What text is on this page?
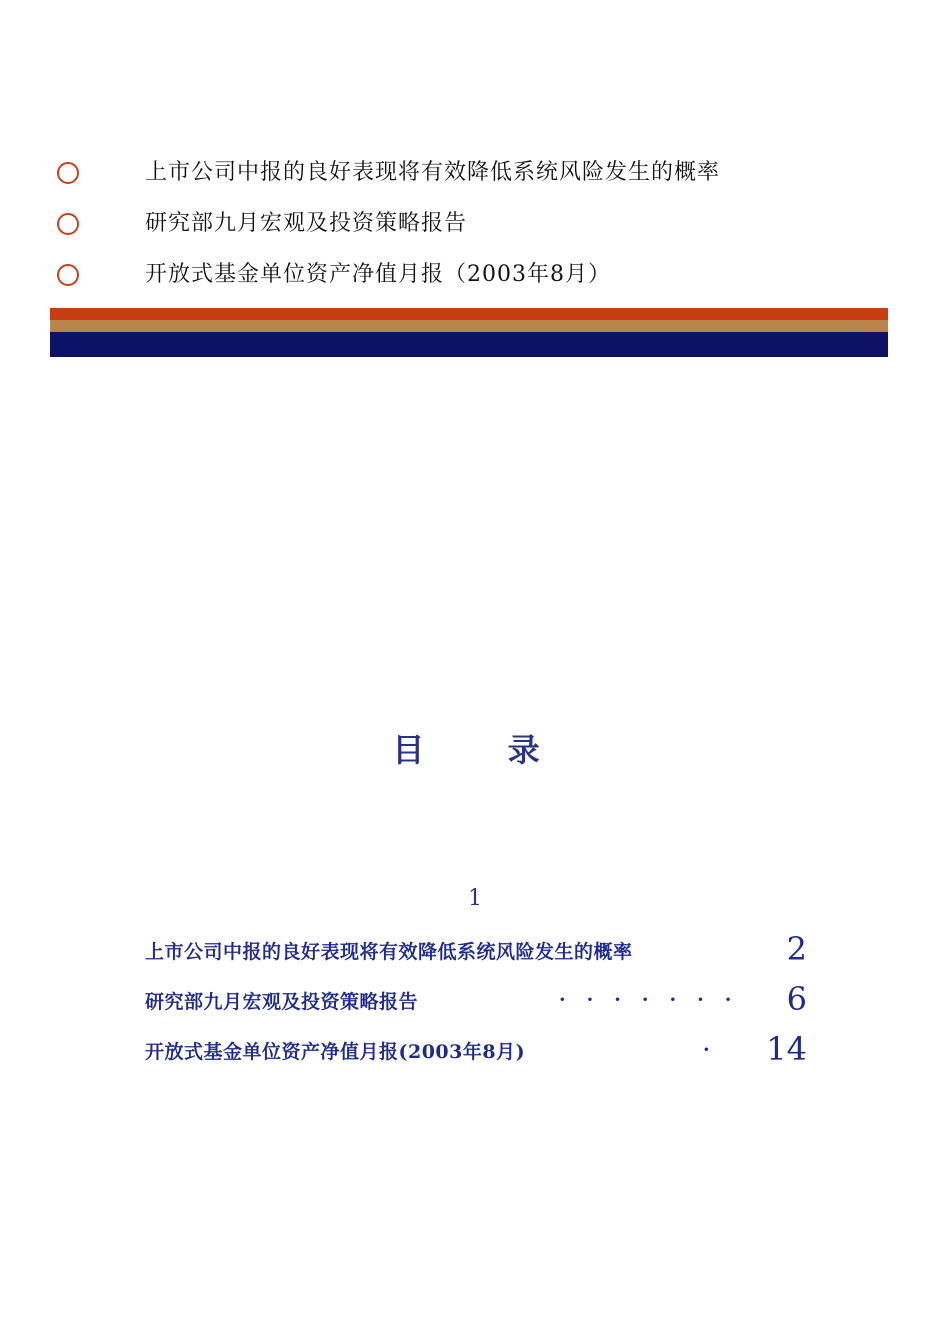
上市公司中报的良好表现将有效降低系统风险发生的概率
研究部九月宏观及投资策略报告
开放式基金单位资产净值月报（2003年8月）
目 录
1
上市公司中报的良好表现将有效降低系统风险发生的概率	2
研究部九月宏观及投资策略报告	······· 6
开放式基金单位资产净值月报(2003年8月)	· 14
